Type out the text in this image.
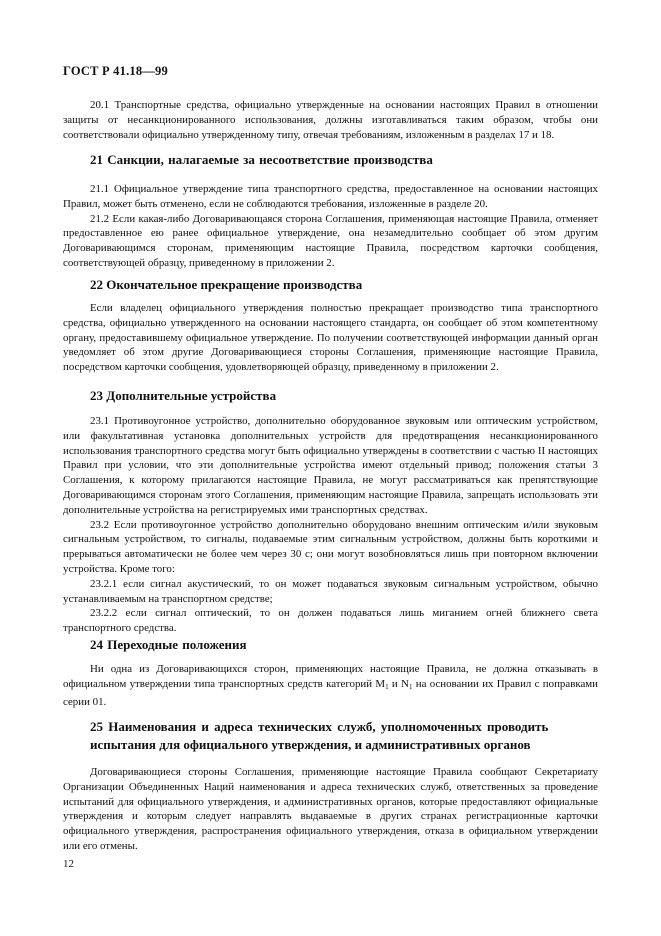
ГОСТ Р 41.18—99

20.1 Транспортные средства, официально утвержденные на основании настоящих Правил в отношении защиты от несанкционированного использования, должны изготавливаться таким образом, чтобы они соответствовали официально утвержденному типу, отвечая требованиям, изложенным в разделах 17 и 18.

21 Санкции, налагаемые за несоответствие производства

21.1 Официальное утверждение типа транспортного средства, предоставленное на основании настоящих Правил, может быть отменено, если не соблюдаются требования, изложенные в разделе 20.

21.2 Если какая-либо Договаривающаяся сторона Соглашения, применяющая настоящие Правила, отменяет предоставленное ею ранее официальное утверждение, она незамедлительно сообщает об этом другим Договаривающимся сторонам, применяющим настоящие Правила, посредством карточки сообщения, соответствующей образцу, приведенному в приложении 2.

22 Окончательное прекращение производства

Если владелец официального утверждения полностью прекращает производство типа транспортного средства, официально утвержденного на основании настоящего стандарта, он сообщает об этом компетентному органу, предоставившему официальное утверждение. По получении соответствующей информации данный орган уведомляет об этом другие Договаривающиеся стороны Соглашения, применяющие настоящие Правила, посредством карточки сообщения, удовлетворяющей образцу, приведенному в приложении 2.

23 Дополнительные устройства

23.1 Противоугонное устройство, дополнительно оборудованное звуковым или оптическим устройством, или факультативная установка дополнительных устройств для предотвращения несанкционированного использования транспортного средства могут быть официально утверждены в соответствии с частью II настоящих Правил при условии, что эти дополнительные устройства имеют отдельный привод; положения статьи 3 Соглашения, к которому прилагаются настоящие Правила, не могут рассматриваться как препятствующие Договаривающимся сторонам этого Соглашения, применяющим настоящие Правила, запрещать использовать эти дополнительные устройства на регистрируемых ими транспортных средствах.

23.2 Если противоугонное устройство дополнительно оборудовано внешним оптическим и/или звуковым сигнальным устройством, то сигналы, подаваемые этим сигнальным устройством, должны быть короткими и прерываться автоматически не более чем через 30 с; они могут возобновляться лишь при повторном включении устройства. Кроме того:

23.2.1 если сигнал акустический, то он может подаваться звуковым сигнальным устройством, обычно устанавливаемым на транспортном средстве;

23.2.2 если сигнал оптический, то он должен подаваться лишь миганием огней ближнего света транспортного средства.

24 Переходные положения

Ни одна из Договаривающихся сторон, применяющих настоящие Правила, не должна отказывать в официальном утверждении типа транспортных средств категорий $M_1$ и $N_1$ на основании их Правил с поправками серии 01.

25 Наименования и адреса технических служб, уполномоченных проводить
испытания для официального утверждения, и административных органов

Договаривающиеся стороны Соглашения, применяющие настоящие Правила сообщают Секретариату Организации Объединенных Наций наименования и адреса технических служб, ответственных за проведение испытаний для официального утверждения, и административных органов, которые предоставляют официальные утверждения и которым следует направлять выдаваемые в других странах регистрационные карточки официального утверждения, распространения официального утверждения, отказа в официальном утверждении или его отмены.

12
